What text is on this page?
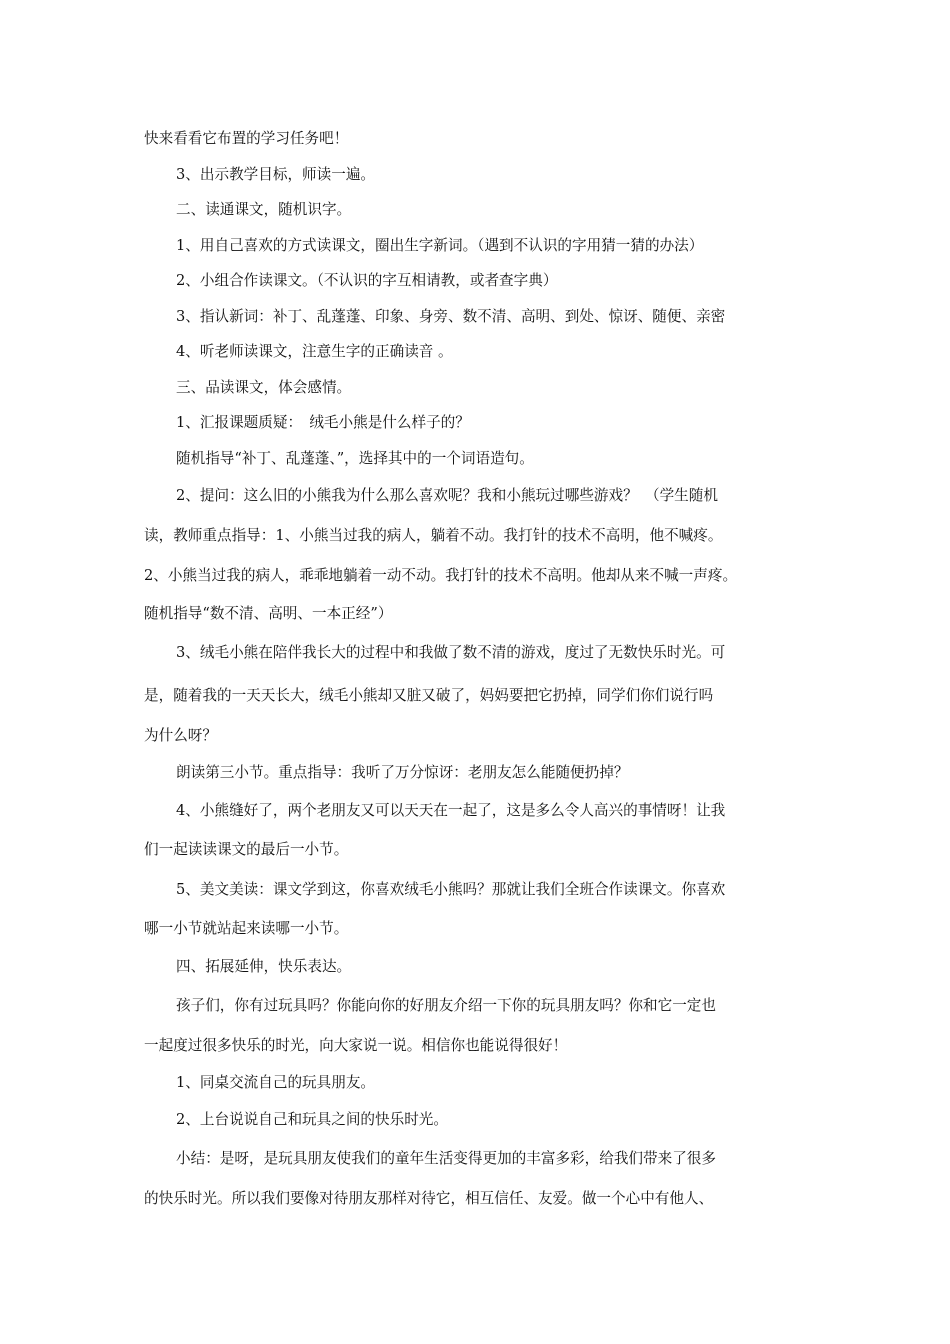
快来看看它布置的学习任务吧！
3、出示教学目标，师读一遍。
二、读通课文，随机识字。
1、用自己喜欢的方式读课文，圈出生字新词。（遇到不认识的字用猜一猜的办法）
2、小组合作读课文。（不认识的字互相请教，或者查字典）
3、指认新词：补丁、乱蓬蓬、印象、身旁、数不清、高明、到处、惊讶、随便、亲密
4、听老师读课文，注意生字的正确读音 。
三、品读课文，体会感情。
1、汇报课题质疑：　绒毛小熊是什么样子的？
随机指导“补丁、乱蓬蓬、”，选择其中的一个词语造句。
2、提问：这么旧的小熊我为什么那么喜欢呢？我和小熊玩过哪些游戏？　（学生随机
读，教师重点指导：1、小熊当过我的病人，躺着不动。我打针的技术不高明，他不喊疼。
2、小熊当过我的病人，乖乖地躺着一动不动。我打针的技术不高明。他却从来不喊一声疼。
随机指导“数不清、高明、一本正经”）
3、绒毛小熊在陪伴我长大的过程中和我做了数不清的游戏，度过了无数快乐时光。可
是，随着我的一天天长大，绒毛小熊却又脏又破了，妈妈要把它扔掉，同学们你们说行吗
为什么呀？
朗读第三小节。重点指导：我听了万分惊讶：老朋友怎么能随便扔掉？
4、小熊缝好了，两个老朋友又可以天天在一起了，这是多么令人高兴的事情呀！让我
们一起读读课文的最后一小节。
5、美文美读：课文学到这，你喜欢绒毛小熊吗？那就让我们全班合作读课文。你喜欢
哪一小节就站起来读哪一小节。
四、拓展延伸，快乐表达。
孩子们，你有过玩具吗？你能向你的好朋友介绍一下你的玩具朋友吗？你和它一定也
一起度过很多快乐的时光，向大家说一说。相信你也能说得很好！
1、同桌交流自己的玩具朋友。
2、上台说说自己和玩具之间的快乐时光。
小结：是呀，是玩具朋友使我们的童年生活变得更加的丰富多彩，给我们带来了很多
的快乐时光。所以我们要像对待朋友那样对待它，相互信任、友爱。做一个心中有他人、
